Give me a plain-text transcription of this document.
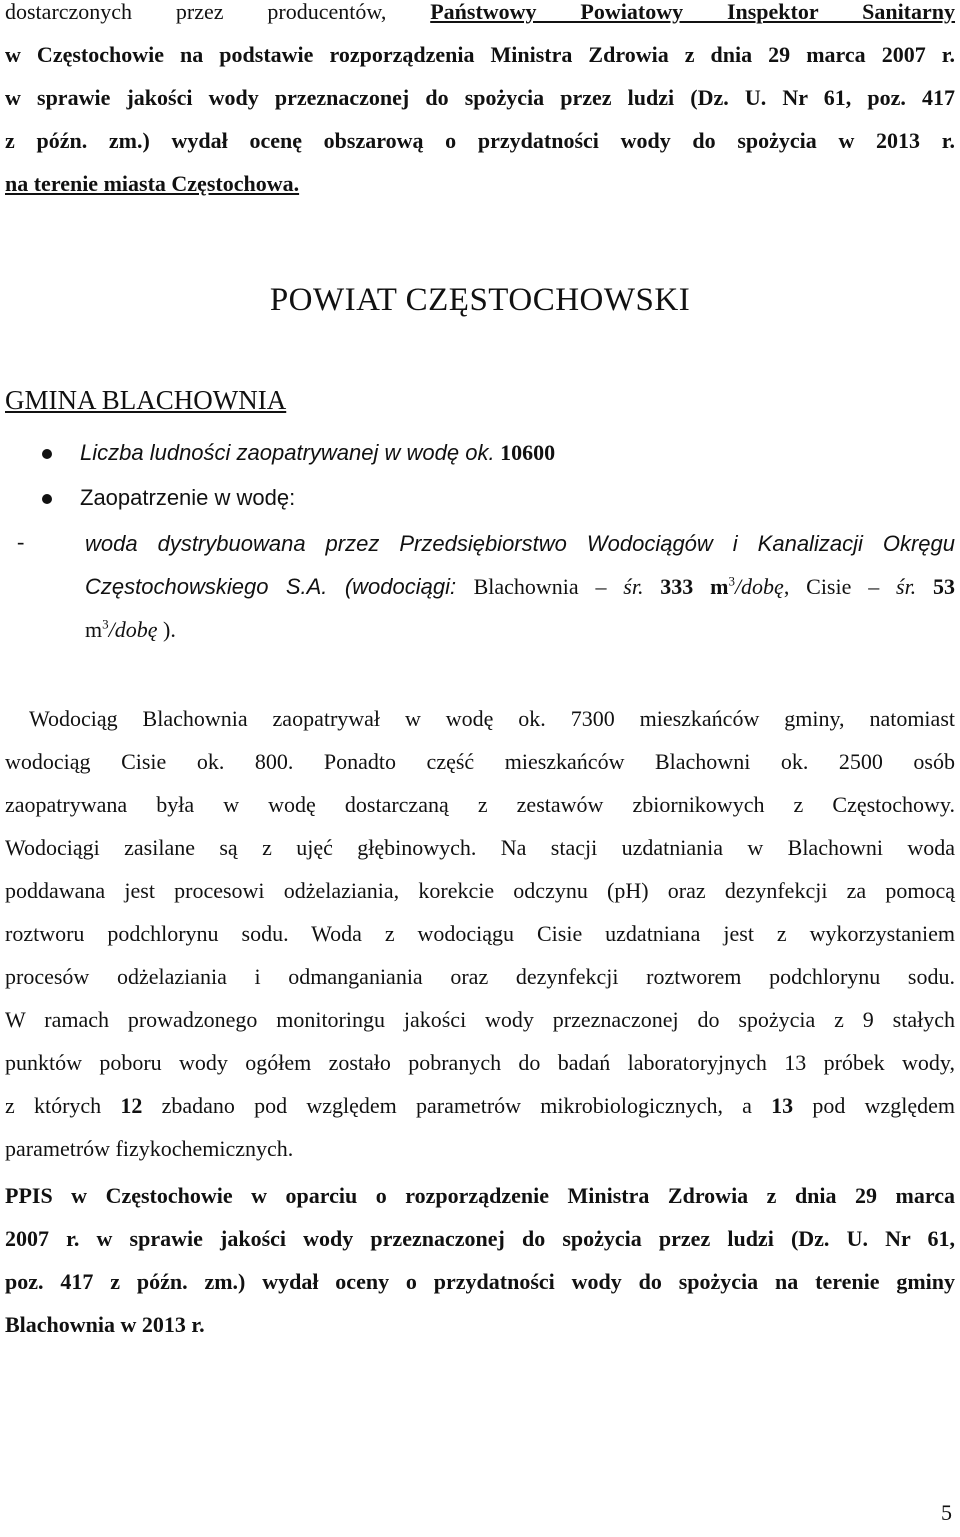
dostarczonych przez producentów, Państwowy Powiatowy Inspektor Sanitarny
w Częstochowie na podstawie rozporządzenia Ministra Zdrowia z dnia 29 marca 2007 r.
w sprawie jakości wody przeznaczonej do spożycia przez ludzi (Dz. U. Nr 61, poz. 417
z późn. zm.) wydał ocenę obszarową o przydatności wody do spożycia w 2013 r.
na terenie miasta Częstochowa.
POWIAT CZĘSTOCHOWSKI
GMINA BLACHOWNIA
Liczba ludności zaopatrywanej w wodę ok. 10600
Zaopatrzenie w wodę:
-	woda dystrybuowana przez Przedsiębiorstwo Wodociągów i Kanalizacji Okręgu
Częstochowskiego S.A. (wodociągi: Blachownia – śr. 333 $m^3$/dobę, Cisie – śr. 53
$m^3$/dobę ).
Wodociąg Blachownia zaopatrywał w wodę ok. 7300 mieszkańców gminy, natomiast
wodociąg Cisie ok. 800. Ponadto część mieszkańców Blachowni ok. 2500 osób
zaopatrywana była w wodę dostarczaną z zestawów zbiornikowych z Częstochowy.
Wodociągi zasilane są z ujęć głębinowych. Na stacji uzdatniania w Blachowni woda
poddawana jest procesowi odżelaziania, korekcie odczynu (pH) oraz dezynfekcji za pomocą
roztworu podchlorynu sodu. Woda z wodociągu Cisie uzdatniana jest z wykorzystaniem
procesów odżelaziania i odmanganiania oraz dezynfekcji roztworem podchlorynu sodu.
W ramach prowadzonego monitoringu jakości wody przeznaczonej do spożycia z 9 stałych
punktów poboru wody ogółem zostało pobranych do badań laboratoryjnych 13 próbek wody,
z których 12 zbadano pod względem parametrów mikrobiologicznych, a 13 pod względem
parametrów fizykochemicznych.
PPIS w Częstochowie w oparciu o rozporządzenie Ministra Zdrowia z dnia 29 marca
2007 r. w sprawie jakości wody przeznaczonej do spożycia przez ludzi (Dz. U. Nr 61,
poz. 417 z późn. zm.) wydał oceny o przydatności wody do spożycia na terenie gminy
Blachownia w 2013 r.
5
